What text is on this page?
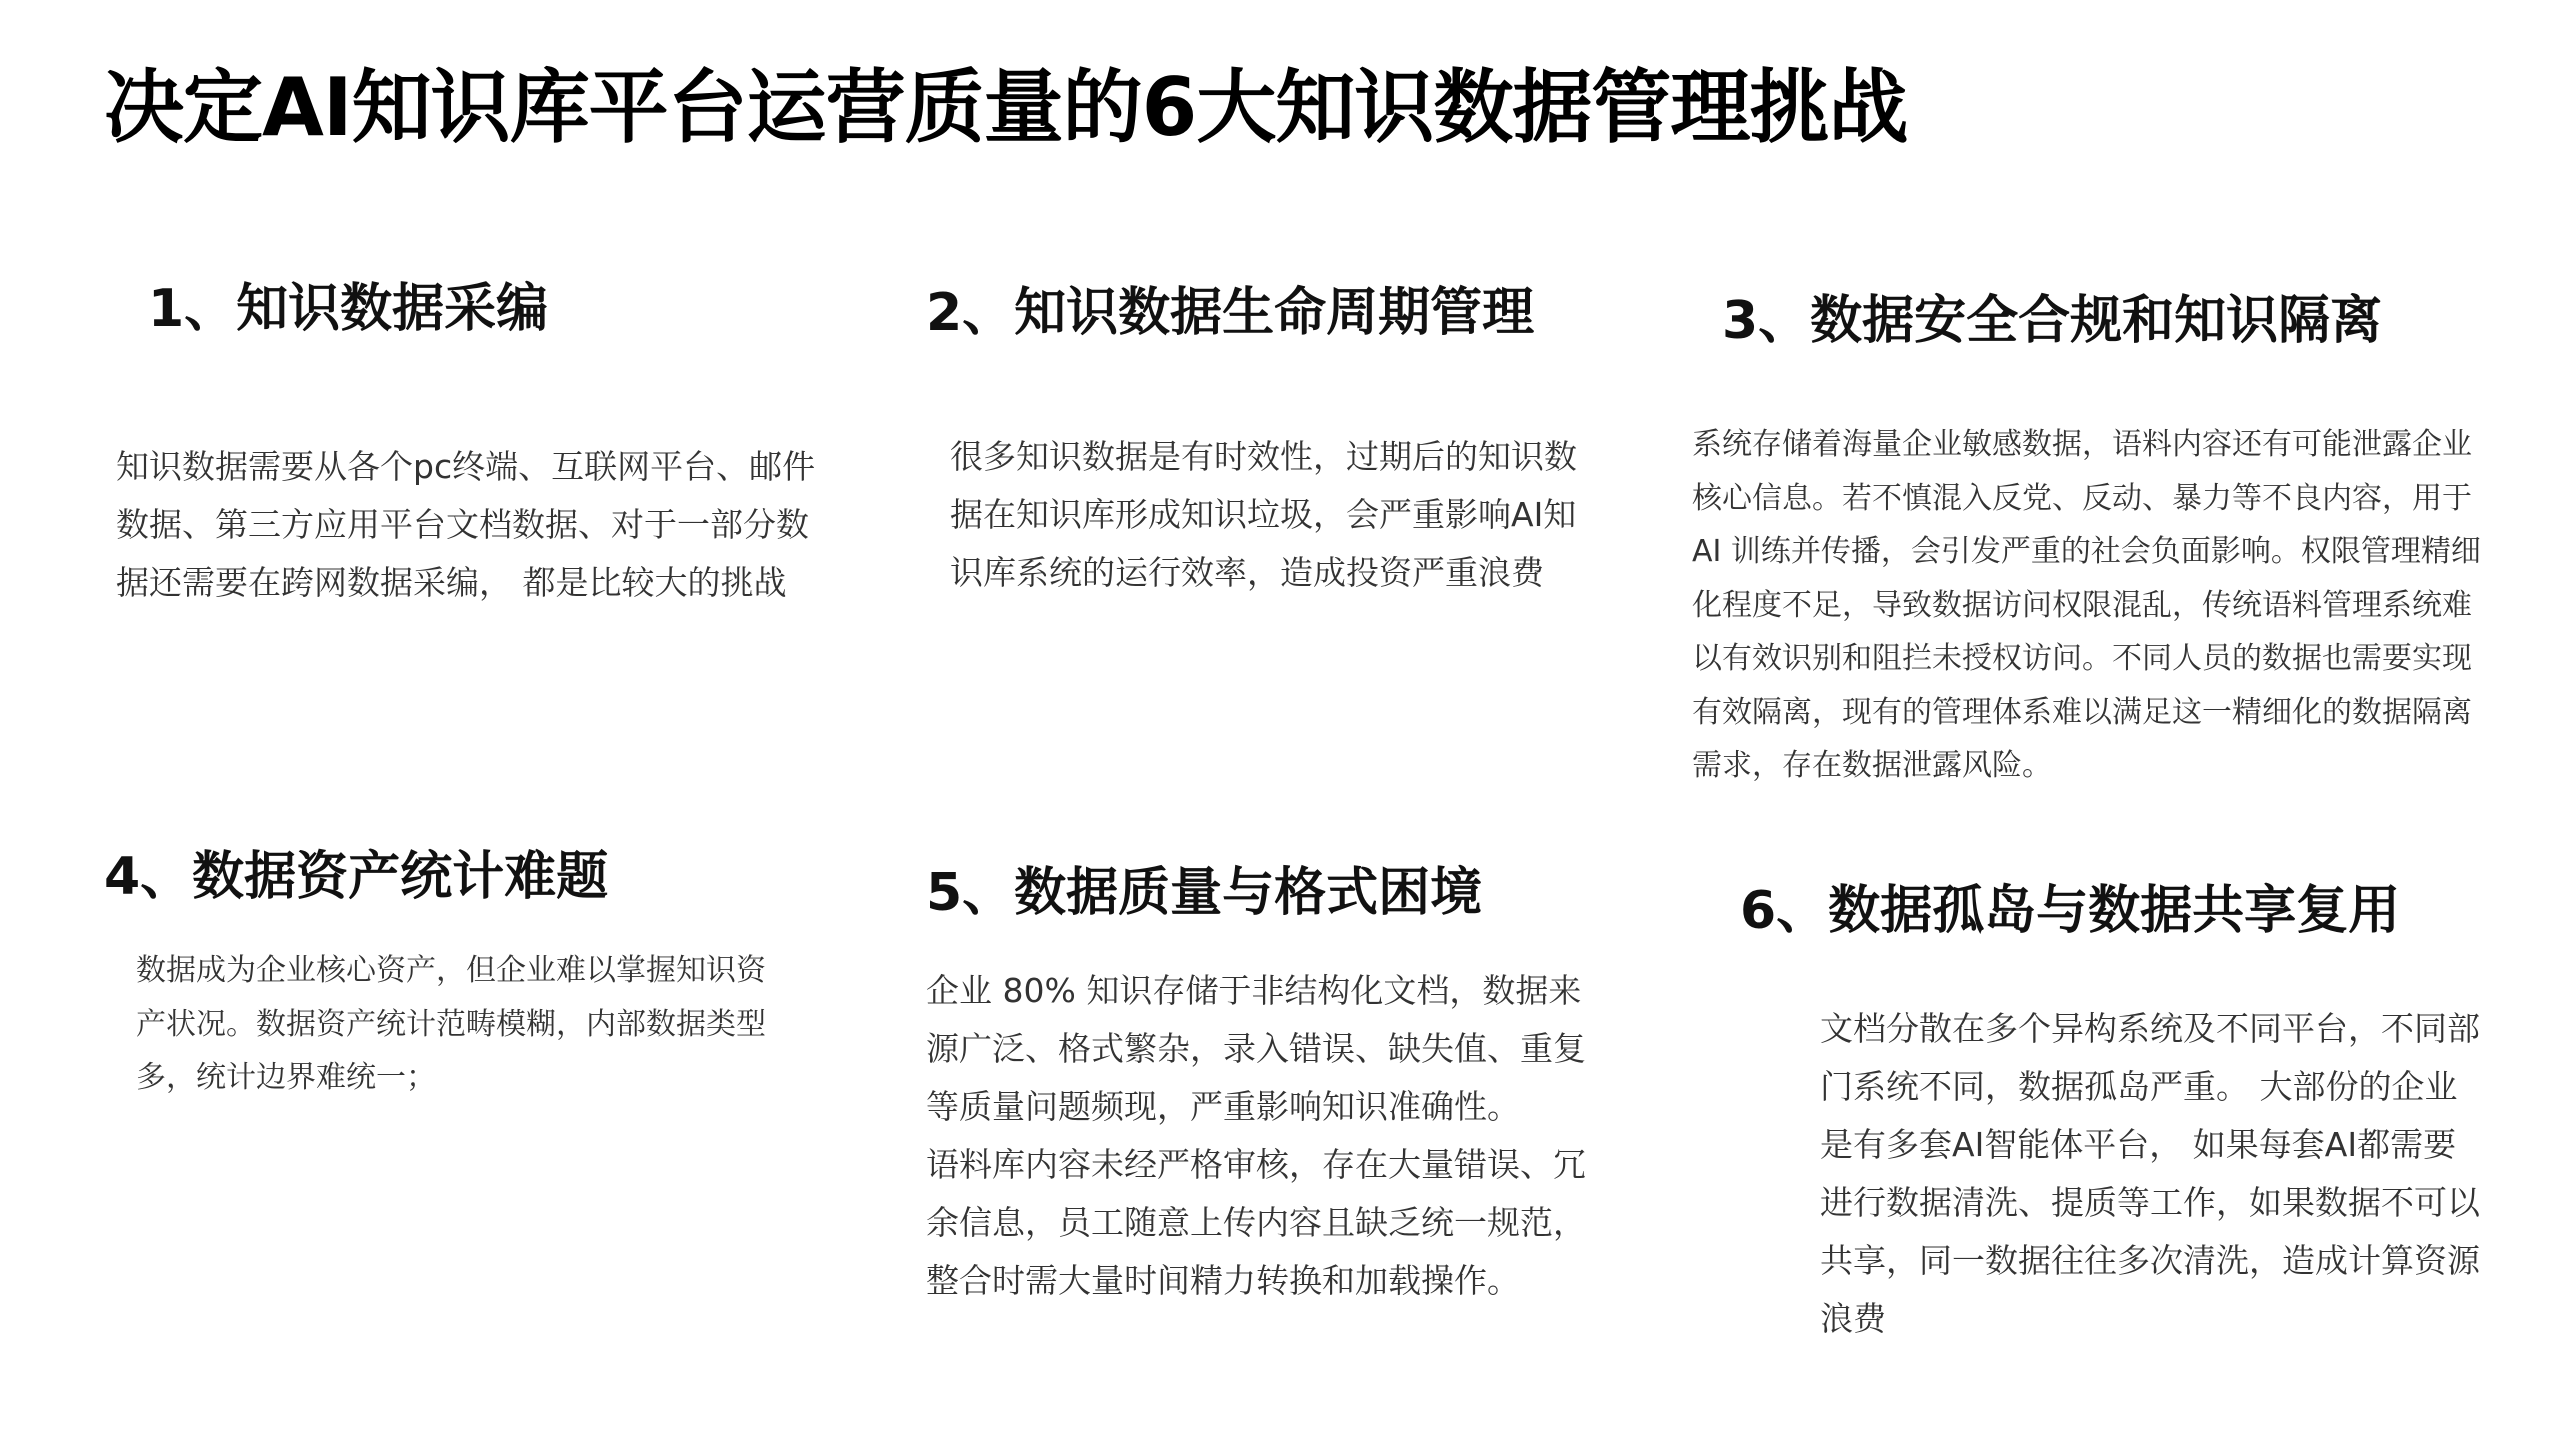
决定AI知识库平台运营质量的6大知识数据管理挑战
1、知识数据采编

知识数据需要从各个pc终端、互联网平台、邮件数据、第三方应用平台文档数据、对于一部分数据还需要在跨网数据采编， 都是比较大的挑战

2、知识数据生命周期管理

很多知识数据是有时效性，过期后的知识数据在知识库形成知识垃圾，会严重影响AI知识库系统的运行效率，造成投资严重浪费

3、数据安全合规和知识隔离

系统存储着海量企业敏感数据，语料内容还有可能泄露企业核心信息。若不慎混入反党、反动、暴力等不良内容，用于 AI 训练并传播，会引发严重的社会负面影响。权限管理精细化程度不足，导致数据访问权限混乱，传统语料管理系统难以有效识别和阻拦未授权访问。不同人员的数据也需要实现有效隔离，现有的管理体系难以满足这一精细化的数据隔离需求，存在数据泄露风险。

4、数据资产统计难题

数据成为企业核心资产，但企业难以掌握知识资产状况。数据资产统计范畴模糊，内部数据类型多，统计边界难统一；

5、数据质量与格式困境

企业 80% 知识存储于非结构化文档，数据来源广泛、格式繁杂，录入错误、缺失值、重复等质量问题频现，严重影响知识准确性。

语料库内容未经严格审核，存在大量错误、冗余信息，员工随意上传内容且缺乏统一规范，整合时需大量时间精力转换和加载操作。

6、数据孤岛与数据共享复用

文档分散在多个异构系统及不同平台，不同部门系统不同，数据孤岛严重。 大部份的企业是有多套AI智能体平台， 如果每套AI都需要进行数据清洗、提质等工作，如果数据不可以共享，同一数据往往多次清洗，造成计算资源浪费
